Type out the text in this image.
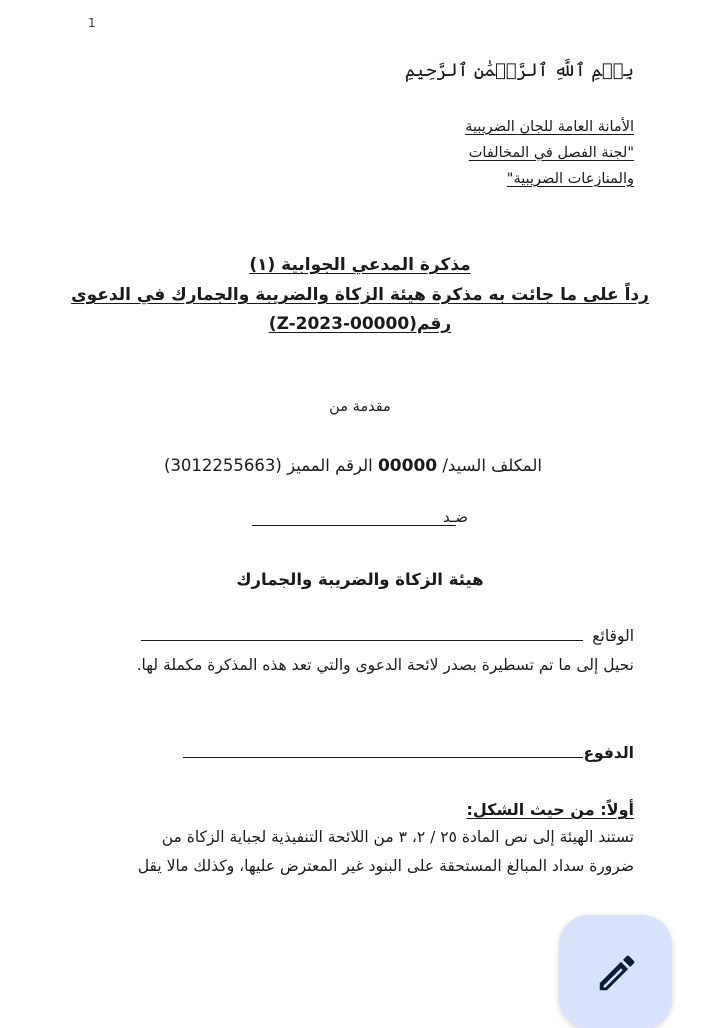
1
بِسۡمِ ٱللَّهِ ٱلرَّحۡمَٰنِ ٱلرَّحِيمِ
الأمانة العامة للجان الضريبية
"لجنة الفصل في المخالفات
والمنازعات الضريبية"
مذكرة المدعي الجوابية (١)
رداً على ما جائت به مذكرة هيئة الزكاة والضريبة والجمارك في الدعوى
رقم(Z-2023-00000)
مقدمة من
المكلف السيد/ 00000 الرقم المميز (3012255663)
ضـد
هيئة الزكاة والضريبة والجمارك
الوقائع
نحيل إلى ما تم تسطيرة بصدر لائحة الدعوى والتي تعد هذه المذكرة مكملة لها.
الدفوع
أولاً: من حيث الشكل:
تستند الهيئة إلى نص المادة ٢٥ / ٢، ٣ من اللائحة التنفيذية لجباية الزكاة من
ضرورة سداد المبالغ المستحقة على البنود غير المعترض عليها، وكذلك مالا يقل
